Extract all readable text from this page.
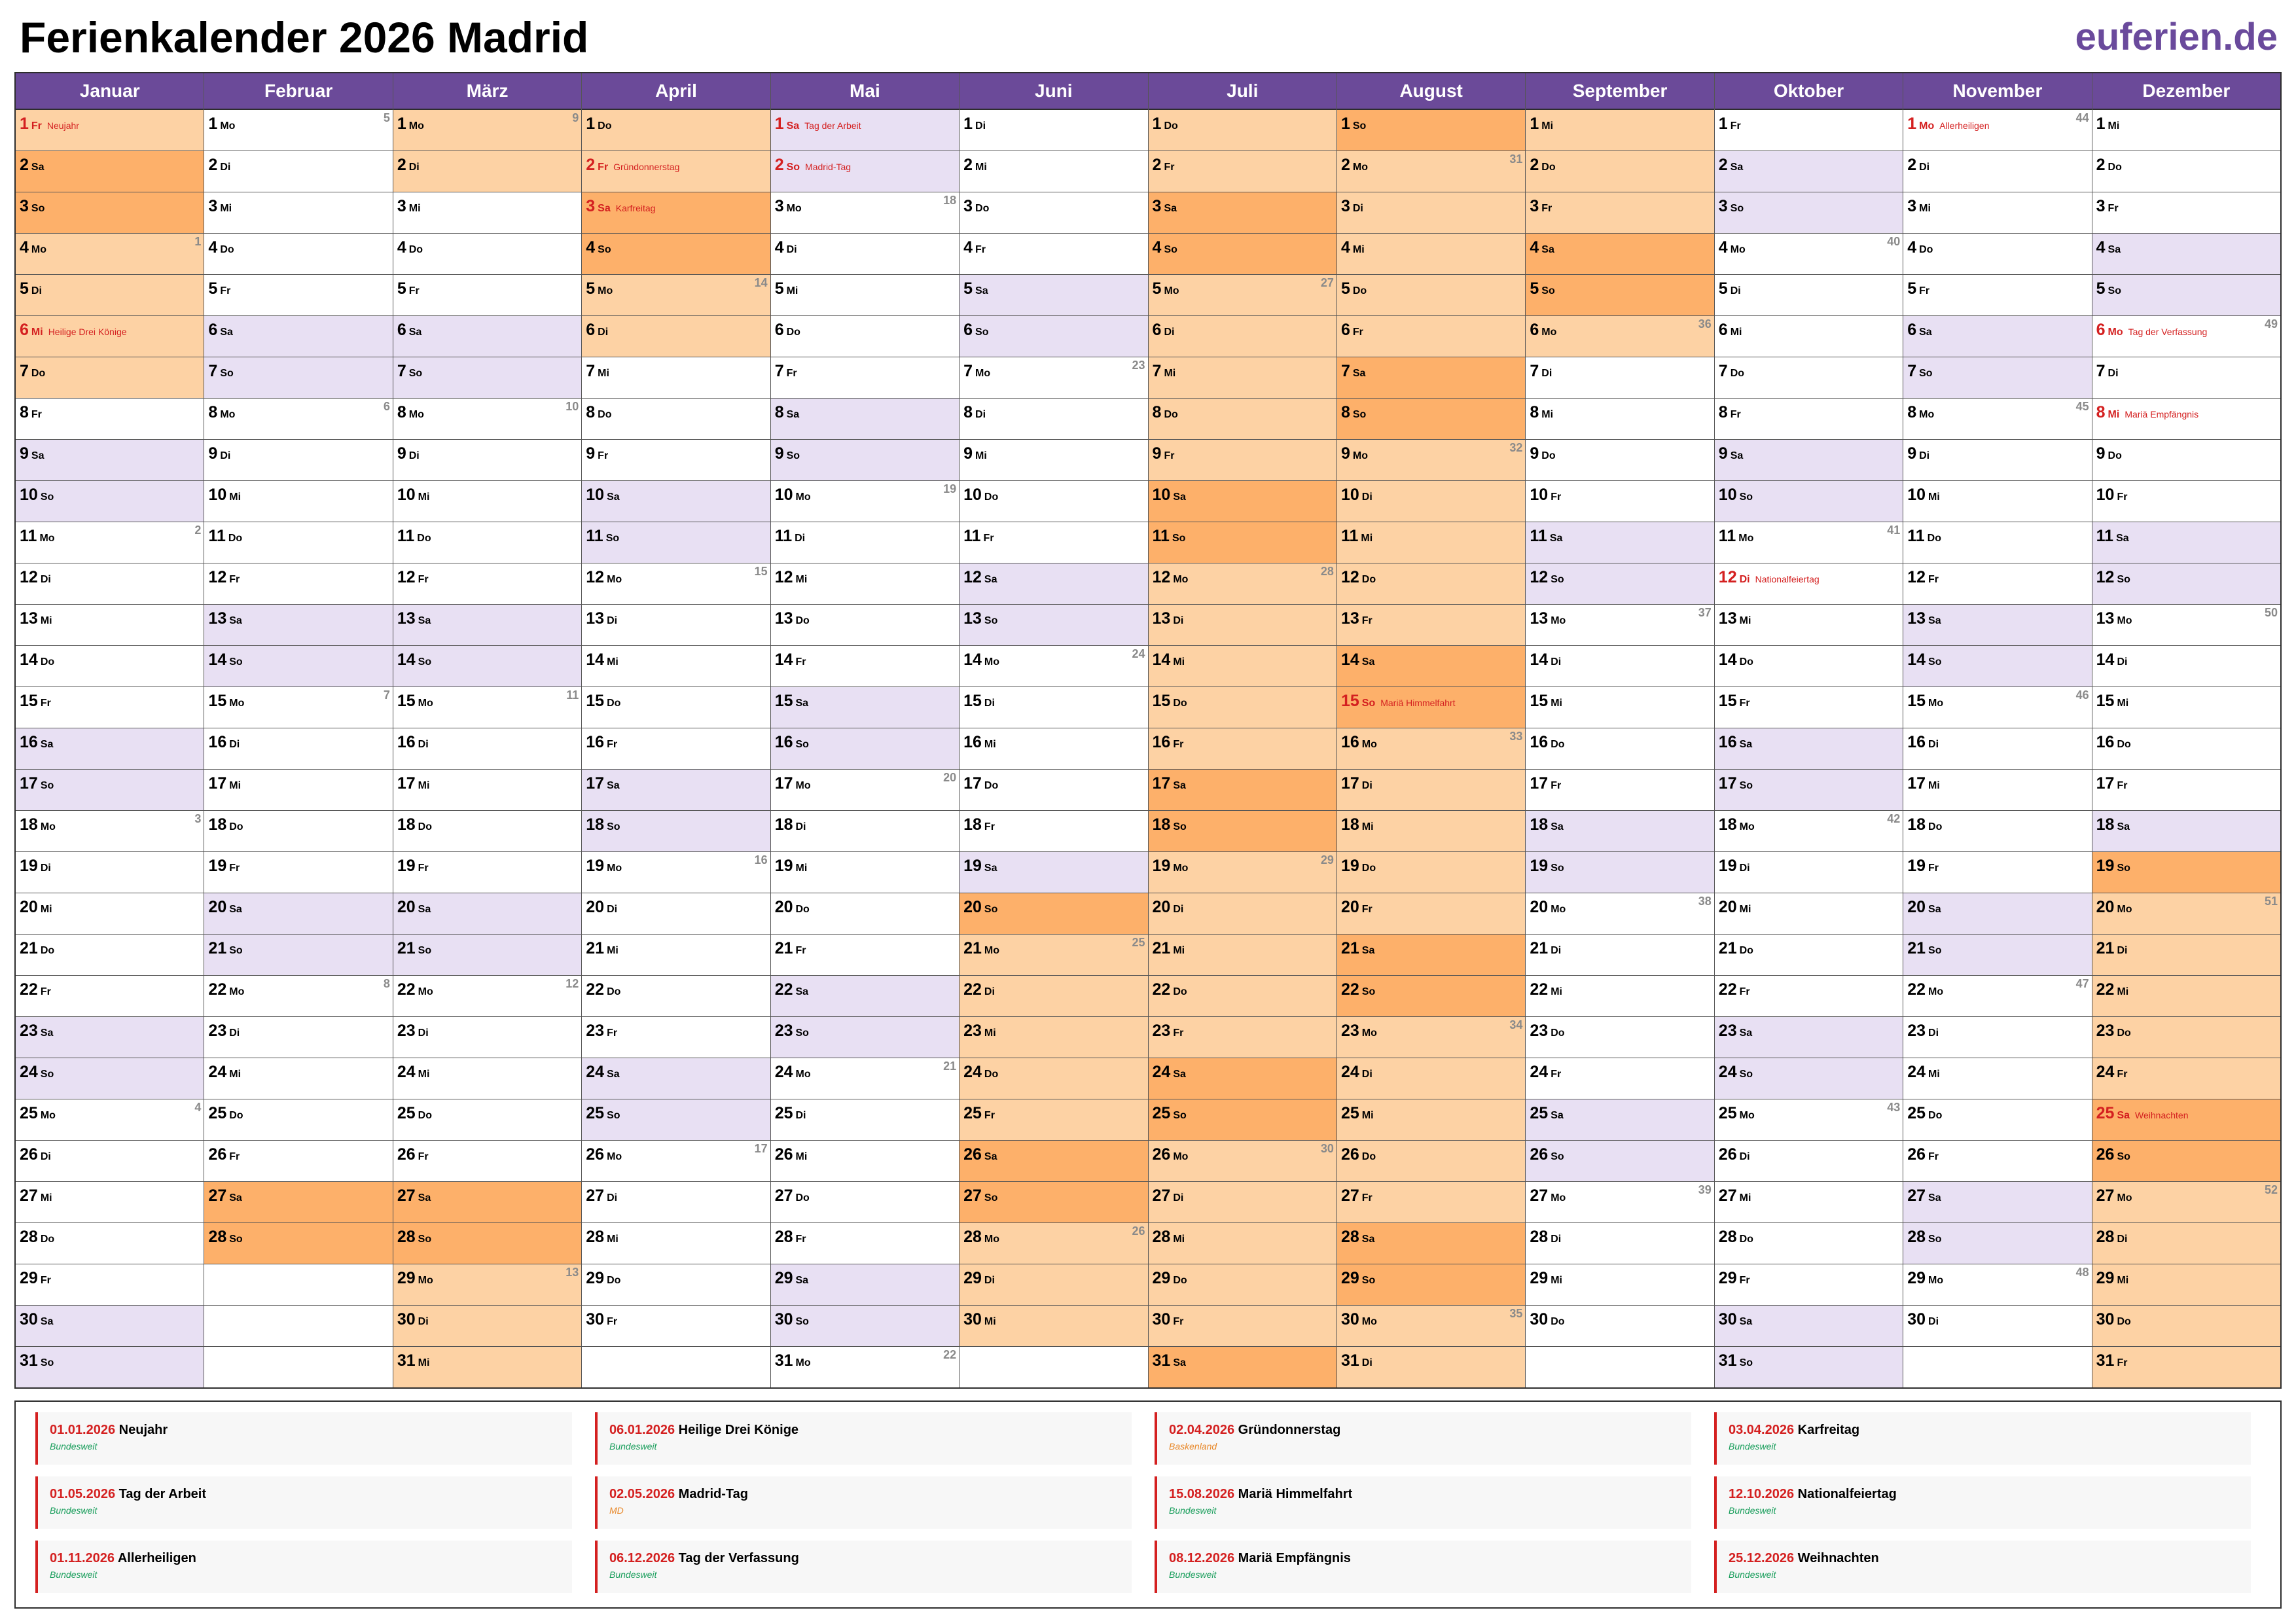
Ferienkalender 2026 Madrid	euferien.de
Januar
1 Fr Neujahr
2 Sa
3 So
4 Mo
1
5 Di
6 Mi Heilige Drei Könige
7 Do
8 Fr
9 Sa
10 So
11 Mo
2
12 Di
13 Mi
14 Do
15 Fr
16 Sa
17 So
18 Mo
3
19 Di
20 Mi
21 Do
22 Fr
23 Sa
24 So
25 Mo
4
26 Di
27 Mi
28 Do
29 Fr
30 Sa
31 So
Februar
1 Mo
5
2 Di
3 Mi
4 Do
5 Fr
6 Sa
7 So
8 Mo
6
9 Di
10 Mi
11 Do
12 Fr
13 Sa
14 So
15 Mo
7
16 Di
17 Mi
18 Do
19 Fr
20 Sa
21 So
22 Mo
8
23 Di
24 Mi
25 Do
26 Fr
27 Sa
28 So
März
1 Mo
9
2 Di
3 Mi
4 Do
5 Fr
6 Sa
7 So
8 Mo
10
9 Di
10 Mi
11 Do
12 Fr
13 Sa
14 So
15 Mo
11
16 Di
17 Mi
18 Do
19 Fr
20 Sa
21 So
22 Mo
12
23 Di
24 Mi
25 Do
26 Fr
27 Sa
28 So
29 Mo
13
30 Di
31 Mi
April
1 Do
2 Fr Gründonnerstag
3 Sa Karfreitag
4 So
5 Mo
14
6 Di
7 Mi
8 Do
9 Fr
10 Sa
11 So
12 Mo
15
13 Di
14 Mi
15 Do
16 Fr
17 Sa
18 So
19 Mo
16
20 Di
21 Mi
22 Do
23 Fr
24 Sa
25 So
26 Mo
17
27 Di
28 Mi
29 Do
30 Fr
Mai
1 Sa Tag der Arbeit
2 So Madrid-Tag
3 Mo
18
4 Di
5 Mi
6 Do
7 Fr
8 Sa
9 So
10 Mo
19
11 Di
12 Mi
13 Do
14 Fr
15 Sa
16 So
17 Mo
20
18 Di
19 Mi
20 Do
21 Fr
22 Sa
23 So
24 Mo
21
25 Di
26 Mi
27 Do
28 Fr
29 Sa
30 So
31 Mo
22
Juni
1 Di
2 Mi
3 Do
4 Fr
5 Sa
6 So
7 Mo
23
8 Di
9 Mi
10 Do
11 Fr
12 Sa
13 So
14 Mo
24
15 Di
16 Mi
17 Do
18 Fr
19 Sa
20 So
21 Mo
25
22 Di
23 Mi
24 Do
25 Fr
26 Sa
27 So
28 Mo
26
29 Di
30 Mi
Juli
1 Do
2 Fr
3 Sa
4 So
5 Mo
27
6 Di
7 Mi
8 Do
9 Fr
10 Sa
11 So
12 Mo
28
13 Di
14 Mi
15 Do
16 Fr
17 Sa
18 So
19 Mo
29
20 Di
21 Mi
22 Do
23 Fr
24 Sa
25 So
26 Mo
30
27 Di
28 Mi
29 Do
30 Fr
31 Sa
August
1 So
2 Mo
31
3 Di
4 Mi
5 Do
6 Fr
7 Sa
8 So
9 Mo
32
10 Di
11 Mi
12 Do
13 Fr
14 Sa
15 So Mariä Himmelfahrt
16 Mo
33
17 Di
18 Mi
19 Do
20 Fr
21 Sa
22 So
23 Mo
34
24 Di
25 Mi
26 Do
27 Fr
28 Sa
29 So
30 Mo
35
31 Di
September
1 Mi
2 Do
3 Fr
4 Sa
5 So
6 Mo
36
7 Di
8 Mi
9 Do
10 Fr
11 Sa
12 So
13 Mo
37
14 Di
15 Mi
16 Do
17 Fr
18 Sa
19 So
20 Mo
38
21 Di
22 Mi
23 Do
24 Fr
25 Sa
26 So
27 Mo
39
28 Di
29 Mi
30 Do
Oktober
1 Fr
2 Sa
3 So
4 Mo
40
5 Di
6 Mi
7 Do
8 Fr
9 Sa
10 So
11 Mo
41
12 Di Nationalfeiertag
13 Mi
14 Do
15 Fr
16 Sa
17 So
18 Mo
42
19 Di
20 Mi
21 Do
22 Fr
23 Sa
24 So
25 Mo
43
26 Di
27 Mi
28 Do
29 Fr
30 Sa
31 So
November
1 Mo Allerheiligen
44
2 Di
3 Mi
4 Do
5 Fr
6 Sa
7 So
8 Mo
45
9 Di
10 Mi
11 Do
12 Fr
13 Sa
14 So
15 Mo
46
16 Di
17 Mi
18 Do
19 Fr
20 Sa
21 So
22 Mo
47
23 Di
24 Mi
25 Do
26 Fr
27 Sa
28 So
29 Mo
48
30 Di
Dezember
1 Mi
2 Do
3 Fr
4 Sa
5 So
6 Mo Tag der Verfassung
49
7 Di
8 Mi Mariä Empfängnis
9 Do
10 Fr
11 Sa
12 So
13 Mo
50
14 Di
15 Mi
16 Do
17 Fr
18 Sa
19 So
20 Mo
51
21 Di
22 Mi
23 Do
24 Fr
25 Sa Weihnachten
26 So
27 Mo
52
28 Di
29 Mi
30 Do
31 Fr
01.01.2026 Neujahr
Bundesweit
06.01.2026 Heilige Drei Könige
Bundesweit
02.04.2026 Gründonnerstag
Baskenland
03.04.2026 Karfreitag
Bundesweit
01.05.2026 Tag der Arbeit
Bundesweit
02.05.2026 Madrid-Tag
MD
15.08.2026 Mariä Himmelfahrt
Bundesweit
12.10.2026 Nationalfeiertag
Bundesweit
01.11.2026 Allerheiligen
Bundesweit
06.12.2026 Tag der Verfassung
Bundesweit
08.12.2026 Mariä Empfängnis
Bundesweit
25.12.2026 Weihnachten
Bundesweit
